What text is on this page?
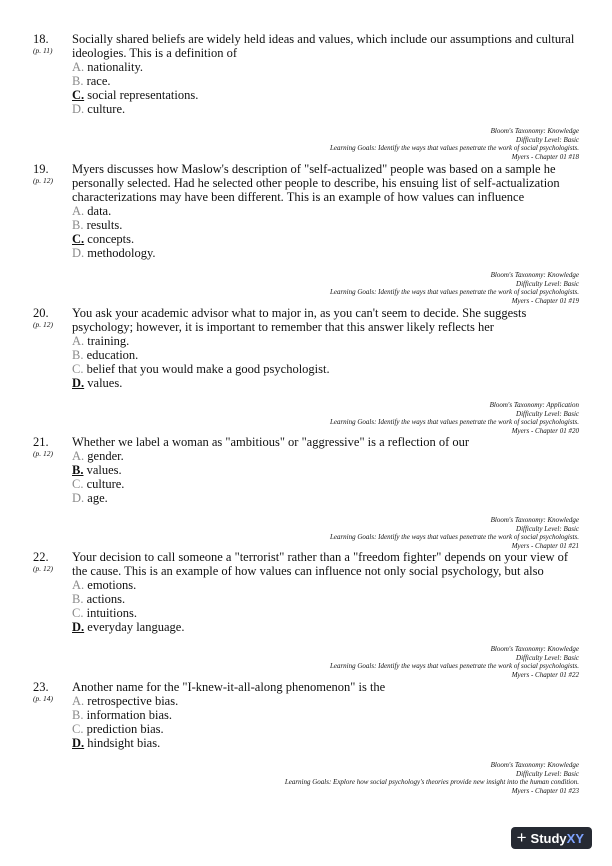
18.
(p. 11)
Socially shared beliefs are widely held ideas and values, which include our assumptions and cultural ideologies. This is a definition of
A. nationality.
B. race.
C. social representations.
D. culture.
Bloom's Taxonomy: Knowledge
Difficulty Level: Basic
Learning Goals: Identify the ways that values penetrate the work of social psychologists.
Myers - Chapter 01 #18
19.
(p. 12)
Myers discusses how Maslow's description of "self-actualized" people was based on a sample he personally selected. Had he selected other people to describe, his ensuing list of self-actualization characterizations may have been different. This is an example of how values can influence
A. data.
B. results.
C. concepts.
D. methodology.
Bloom's Taxonomy: Knowledge
Difficulty Level: Basic
Learning Goals: Identify the ways that values penetrate the work of social psychologists.
Myers - Chapter 01 #19
20.
(p. 12)
You ask your academic advisor what to major in, as you can't seem to decide. She suggests psychology; however, it is important to remember that this answer likely reflects her
A. training.
B. education.
C. belief that you would make a good psychologist.
D. values.
Bloom's Taxonomy: Application
Difficulty Level: Basic
Learning Goals: Identify the ways that values penetrate the work of social psychologists.
Myers - Chapter 01 #20
21.
(p. 12)
Whether we label a woman as "ambitious" or "aggressive" is a reflection of our
A. gender.
B. values.
C. culture.
D. age.
Bloom's Taxonomy: Knowledge
Difficulty Level: Basic
Learning Goals: Identify the ways that values penetrate the work of social psychologists.
Myers - Chapter 01 #21
22.
(p. 12)
Your decision to call someone a "terrorist" rather than a "freedom fighter" depends on your view of the cause. This is an example of how values can influence not only social psychology, but also
A. emotions.
B. actions.
C. intuitions.
D. everyday language.
Bloom's Taxonomy: Knowledge
Difficulty Level: Basic
Learning Goals: Identify the ways that values penetrate the work of social psychologists.
Myers - Chapter 01 #22
23.
(p. 14)
Another name for the "I-knew-it-all-along phenomenon" is the
A. retrospective bias.
B. information bias.
C. prediction bias.
D. hindsight bias.
Bloom's Taxonomy: Knowledge
Difficulty Level: Basic
Learning Goals: Explore how social psychology's theories provide new insight into the human condition.
Myers - Chapter 01 #23
+ StudyXY
